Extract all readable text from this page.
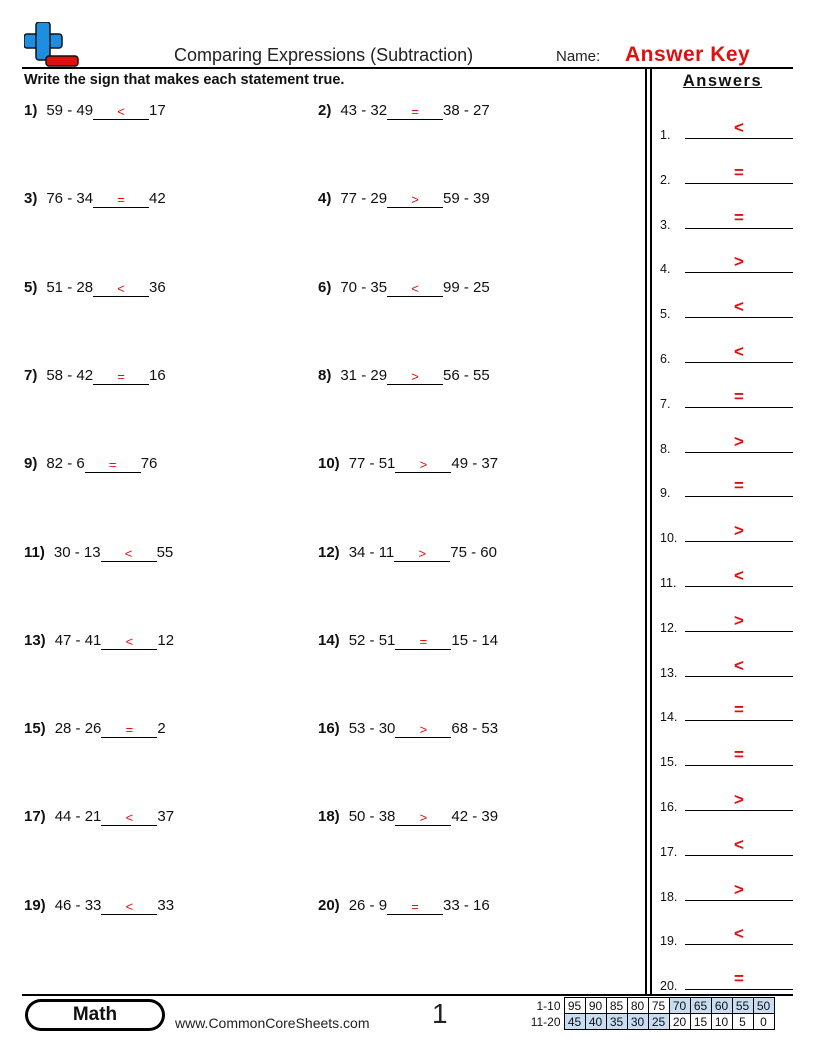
Comparing Expressions (Subtraction)	Name: Answer Key
Write the sign that makes each statement true.	Answers
1) 59 - 49	<	17	2) 43 - 32	=	38 - 27
3) 76 - 34	=	42	4) 77 - 29	>	59 - 39
5) 51 - 28	<	36	6) 70 - 35	<	99 - 25
7) 58 - 42	=	16	8) 31 - 29	>	56 - 55
9) 82 - 6	=	76	10) 77 - 51	>	49 - 37
11) 30 - 13	<	55	12) 34 - 11	>	75 - 60
13) 47 - 41	<	12	14) 52 - 51	=	15 - 14
15) 28 - 26	=	2	16) 53 - 30	>	68 - 53
17) 44 - 21	<	37	18) 50 - 38	>	42 - 39
19) 46 - 33	<	33	20) 26 - 9	=	33 - 16
1.	<
2.	=
3.	=
4.	>
5.	<
6.	<
7.	=
8.	>
9.	=
10.	>
11.	<
12.	>
13.	<
14.	=
15.	=
16.	>
17.	<
18.	>
19.	<
20.	=
Math	www.CommonCoreSheets.com 1	1-10	95	90	85	80	75	70	65	60	55	50
11-20	45	40	35	30	25	20	15	10	5	0
